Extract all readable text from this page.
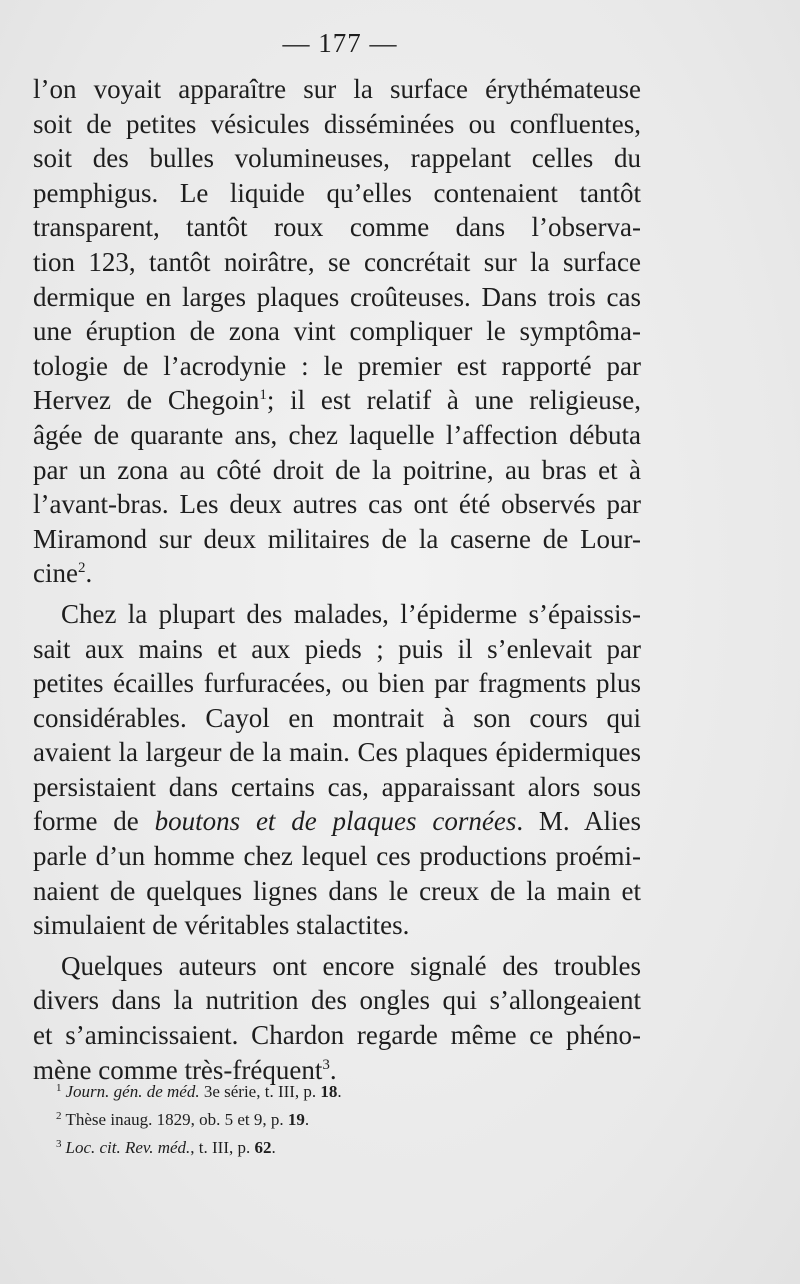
— 177 —
l’on voyait apparaître sur la surface érythémateuse
soit de petites vésicules disséminées ou confluentes,
soit des bulles volumineuses, rappelant celles du
pemphigus. Le liquide qu’elles contenaient tantôt
transparent, tantôt roux comme dans l’observa-
tion 123, tantôt noirâtre, se concrétait sur la surface
dermique en larges plaques croûteuses. Dans trois cas
une éruption de zona vint compliquer le symptôma-
tologie de l’acrodynie : le premier est rapporté par
Hervez de Chegoin$^1$; il est relatif à une religieuse,
âgée de quarante ans, chez laquelle l’affection débuta
par un zona au côté droit de la poitrine, au bras et à
l’avant-bras. Les deux autres cas ont été observés par
Miramond sur deux militaires de la caserne de Lour-
cine$^2$.
Chez la plupart des malades, l’épiderme s’épaissis-
sait aux mains et aux pieds ; puis il s’enlevait par
petites écailles furfuracées, ou bien par fragments plus
considérables. Cayol en montrait à son cours qui
avaient la largeur de la main. Ces plaques épidermiques
persistaient dans certains cas, apparaissant alors sous
forme de boutons et de plaques cornées. M. Alies
parle d’un homme chez lequel ces productions proémi-
naient de quelques lignes dans le creux de la main et
simulaient de véritables stalactites.
Quelques auteurs ont encore signalé des troubles
divers dans la nutrition des ongles qui s’allongeaient
et s’amincissaient. Chardon regarde même ce phéno-
mène comme très-fréquent$^3$.
$^1$ Journ. gén. de méd. 3e série, t. III, p. 18.
$^2$ Thèse inaug. 1829, ob. 5 et 9, p. 19.
$^3$ Loc. cit. Rev. méd., t. III, p. 62.
